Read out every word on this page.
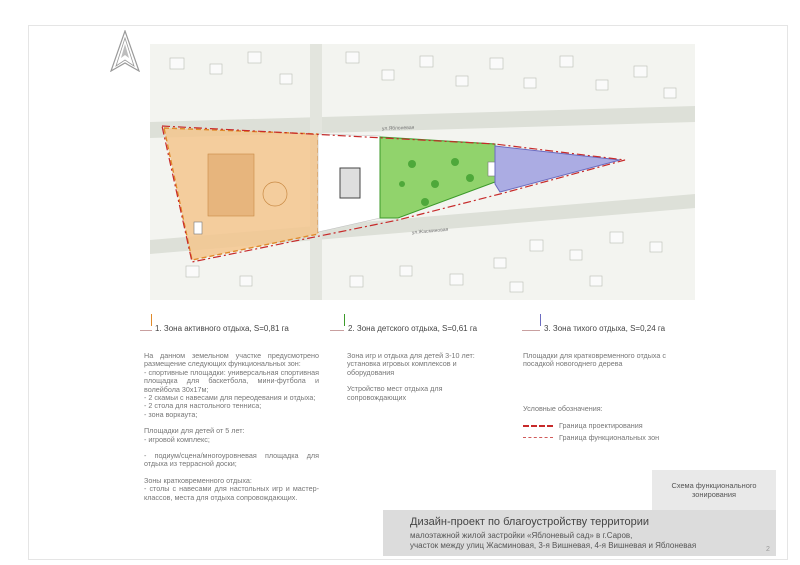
ул.Яблоневая
ул.Жасминовая
1. Зона активного отдыха, S=0,81 га	2. Зона детского отдыха, S=0,61 га	3. Зона тихого отдыха, S=0,24 га

На данном земельном участке предусмотрено размещение следующих функциональных зон:
- спортивные площадки: универсальная спортивная площадка для баскетбола, мини-футбола и волейбола 30х17м;
- 2 скамьи с навесами для переодевания и отдыха;
- 2 стола для настольного тенниса;
- зона воркаута;

Площадки для детей от 5 лет:
- игровой комплекс;

- подиум/сцена/многоуровневая площадка для отдыха из террасной доски;

Зоны кратковременного отдыха:
- столы с навесами для настольных игр и мастер-классов, места для отдыха сопровождающих.

Зона игр и отдыха для детей 3-10 лет: установка игровых комплексов и оборудования

Устройство мест отдыха для сопровождающих

Площадки для кратковременного отдыха с посадкой новогоднего дерева

Условные обозначения:
Граница проектирования
Граница функциональных зон
Схема функционального
зонирования
Дизайн-проект по благоустройству территории
малоэтажной жилой застройки «Яблоневый сад» в г.Саров,
участок между улиц Жасминовая, 3-я Вишневая, 4-я Вишневая и Яблоневая	2
